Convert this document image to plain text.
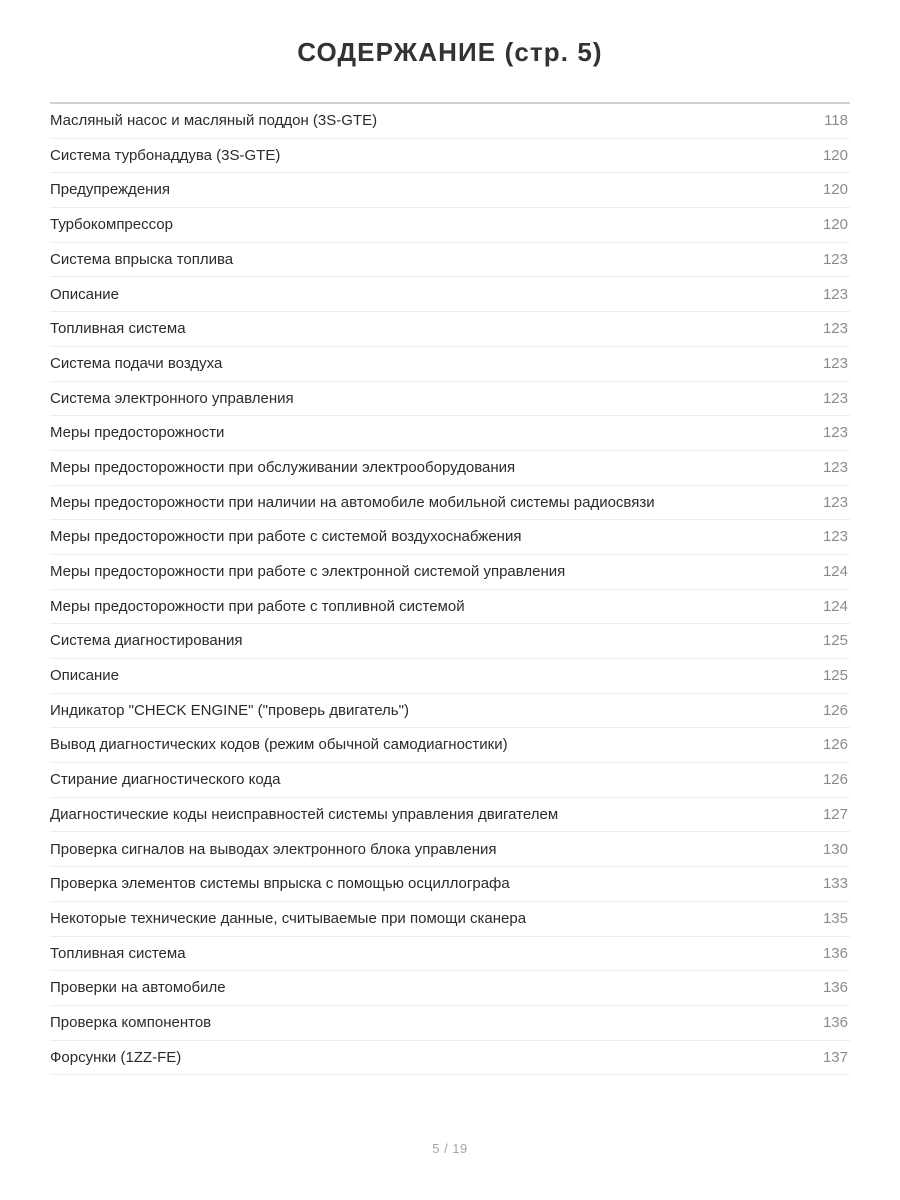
СОДЕРЖАНИЕ (стр. 5)
Масляный насос и масляный поддон (3S-GTE)	118
Система турбонаддува (3S-GTE)	120
Предупреждения	120
Турбокомпрессор	120
Система впрыска топлива	123
Описание	123
Топливная система	123
Система подачи воздуха	123
Система электронного управления	123
Меры предосторожности	123
Меры предосторожности при обслуживании электрооборудования	123
Меры предосторожности при наличии на автомобиле мобильной системы радиосвязи	123
Меры предосторожности при работе с системой воздухоснабжения	123
Меры предосторожности при работе с электронной системой управления	124
Меры предосторожности при работе с топливной системой	124
Система диагностирования	125
Описание	125
Индикатор "CHECK ENGINE" ("проверь двигатель")	126
Вывод диагностических кодов (режим обычной самодиагностики)	126
Стирание диагностического кода	126
Диагностические коды неисправностей системы управления двигателем	127
Проверка сигналов на выводах электронного блока управления	130
Проверка элементов системы впрыска с помощью осциллографа	133
Некоторые технические данные, считываемые при помощи сканера	135
Топливная система	136
Проверки на автомобиле	136
Проверка компонентов	136
Форсунки (1ZZ-FE)	137
5 / 19
